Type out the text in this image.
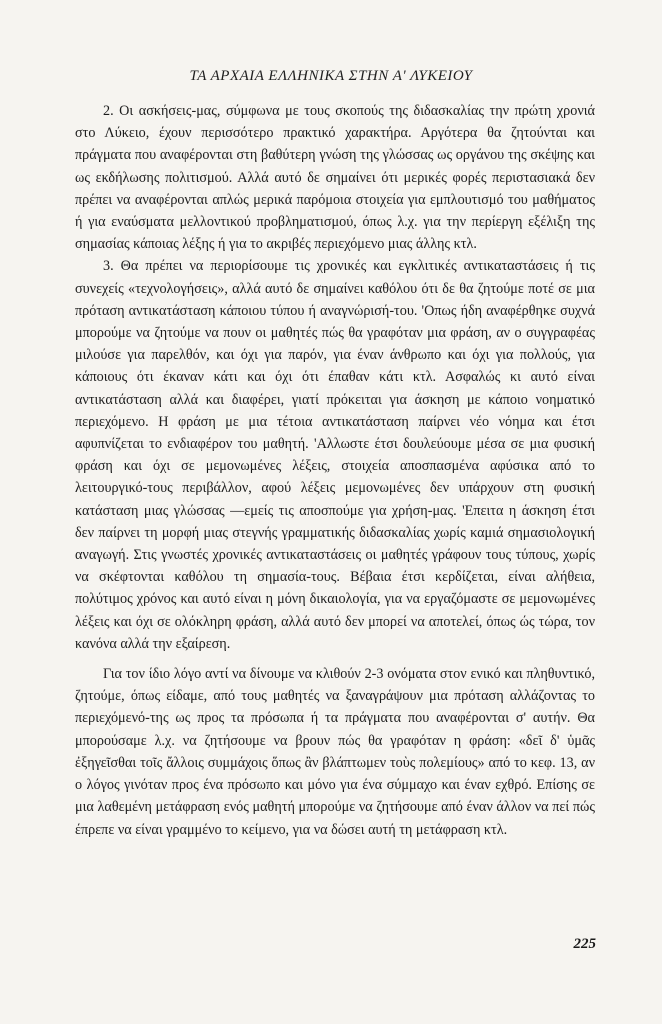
ΤΑ ΑΡΧΑΙΑ ΕΛΛΗΝΙΚΑ ΣΤΗΝ Α' ΛΥΚΕΙΟΥ

2. Οι ασκήσεις-μας, σύμφωνα με τους σκοπούς της διδασκαλίας την πρώτη χρονιά στο Λύκειο, έχουν περισσότερο πρακτικό χαρακτήρα. Αργότερα θα ζητούνται και πράγματα που αναφέρονται στη βαθύτερη γνώση της γλώσσας ως οργάνου της σκέψης και ως εκδήλωσης πολιτισμού. Αλλά αυτό δε σημαίνει ότι μερικές φορές περιστασιακά δεν πρέπει να αναφέρονται απλώς μερικά παρόμοια στοιχεία για εμπλουτισμό του μαθήματος ή για εναύσματα μελλοντικού προβληματισμού, όπως λ.χ. για την περίεργη εξέλιξη της σημασίας κάποιας λέξης ή για το ακριβές περιεχόμενο μιας άλλης κτλ.

3. Θα πρέπει να περιορίσουμε τις χρονικές και εγκλιτικές αντικαταστάσεις ή τις συνεχείς «τεχνολογήσεις», αλλά αυτό δε σημαίνει καθόλου ότι δε θα ζητούμε ποτέ σε μια πρόταση αντικατάσταση κάποιου τύπου ή αναγνώρισή-του. 'Οπως ήδη αναφέρθηκε συχνά μπορούμε να ζητούμε να πουν οι μαθητές πώς θα γραφόταν μια φράση, αν ο συγγραφέας μιλούσε για παρελθόν, και όχι για παρόν, για έναν άνθρωπο και όχι για πολλούς, για κάποιους ότι έκαναν κάτι και όχι ότι έπαθαν κάτι κτλ. Ασφαλώς κι αυτό είναι αντικατάσταση αλλά και διαφέρει, γιατί πρόκειται για άσκηση με κάποιο νοηματικό περιεχόμενο. Η φράση με μια τέτοια αντικατάσταση παίρνει νέο νόημα και έτσι αφυπνίζεται το ενδιαφέρον του μαθητή. 'Αλλωστε έτσι δουλεύουμε μέσα σε μια φυσική φράση και όχι σε μεμονωμένες λέξεις, στοιχεία αποσπασμένα αφύσικα από το λειτουργικό-τους περιβάλλον, αφού λέξεις μεμονωμένες δεν υπάρχουν στη φυσική κατάσταση μιας γλώσσας —εμείς τις αποσπούμε για χρήση-μας. 'Επειτα η άσκηση έτσι δεν παίρνει τη μορφή μιας στεγνής γραμματικής διδασκαλίας χωρίς καμιά σημασιολογική αναγωγή. Στις γνωστές χρονικές αντικαταστάσεις οι μαθητές γράφουν τους τύπους, χωρίς να σκέφτονται καθόλου τη σημασία-τους. Βέβαια έτσι κερδίζεται, είναι αλήθεια, πολύτιμος χρόνος και αυτό είναι η μόνη δικαιολογία, για να εργαζόμαστε σε μεμονωμένες λέξεις και όχι σε ολόκληρη φράση, αλλά αυτό δεν μπορεί να αποτελεί, όπως ώς τώρα, τον κανόνα αλλά την εξαίρεση.

Για τον ίδιο λόγο αντί να δίνουμε να κλιθούν 2-3 ονόματα στον ενικό και πληθυντικό, ζητούμε, όπως είδαμε, από τους μαθητές να ξαναγράψουν μια πρόταση αλλάζοντας το περιεχόμενό-της ως προς τα πρόσωπα ή τα πράγματα που αναφέρονται σ' αυτήν. Θα μπορούσαμε λ.χ. να ζητήσουμε να βρουν πώς θα γραφόταν η φράση: «δεῖ δ' ὑμᾶς ἐξηγεῖσθαι τοῖς ἄλλοις συμμάχοις ὅπως ἂν βλάπτωμεν τοὺς πολεμίους» από το κεφ. 13, αν ο λόγος γινόταν προς ένα πρόσωπο και μόνο για ένα σύμμαχο και έναν εχθρό. Επίσης σε μια λαθεμένη μετάφραση ενός μαθητή μπορούμε να ζητήσουμε από έναν άλλον να πεί πώς έπρεπε να είναι γραμμένο το κείμενο, για να δώσει αυτή τη μετάφραση κτλ.

225
